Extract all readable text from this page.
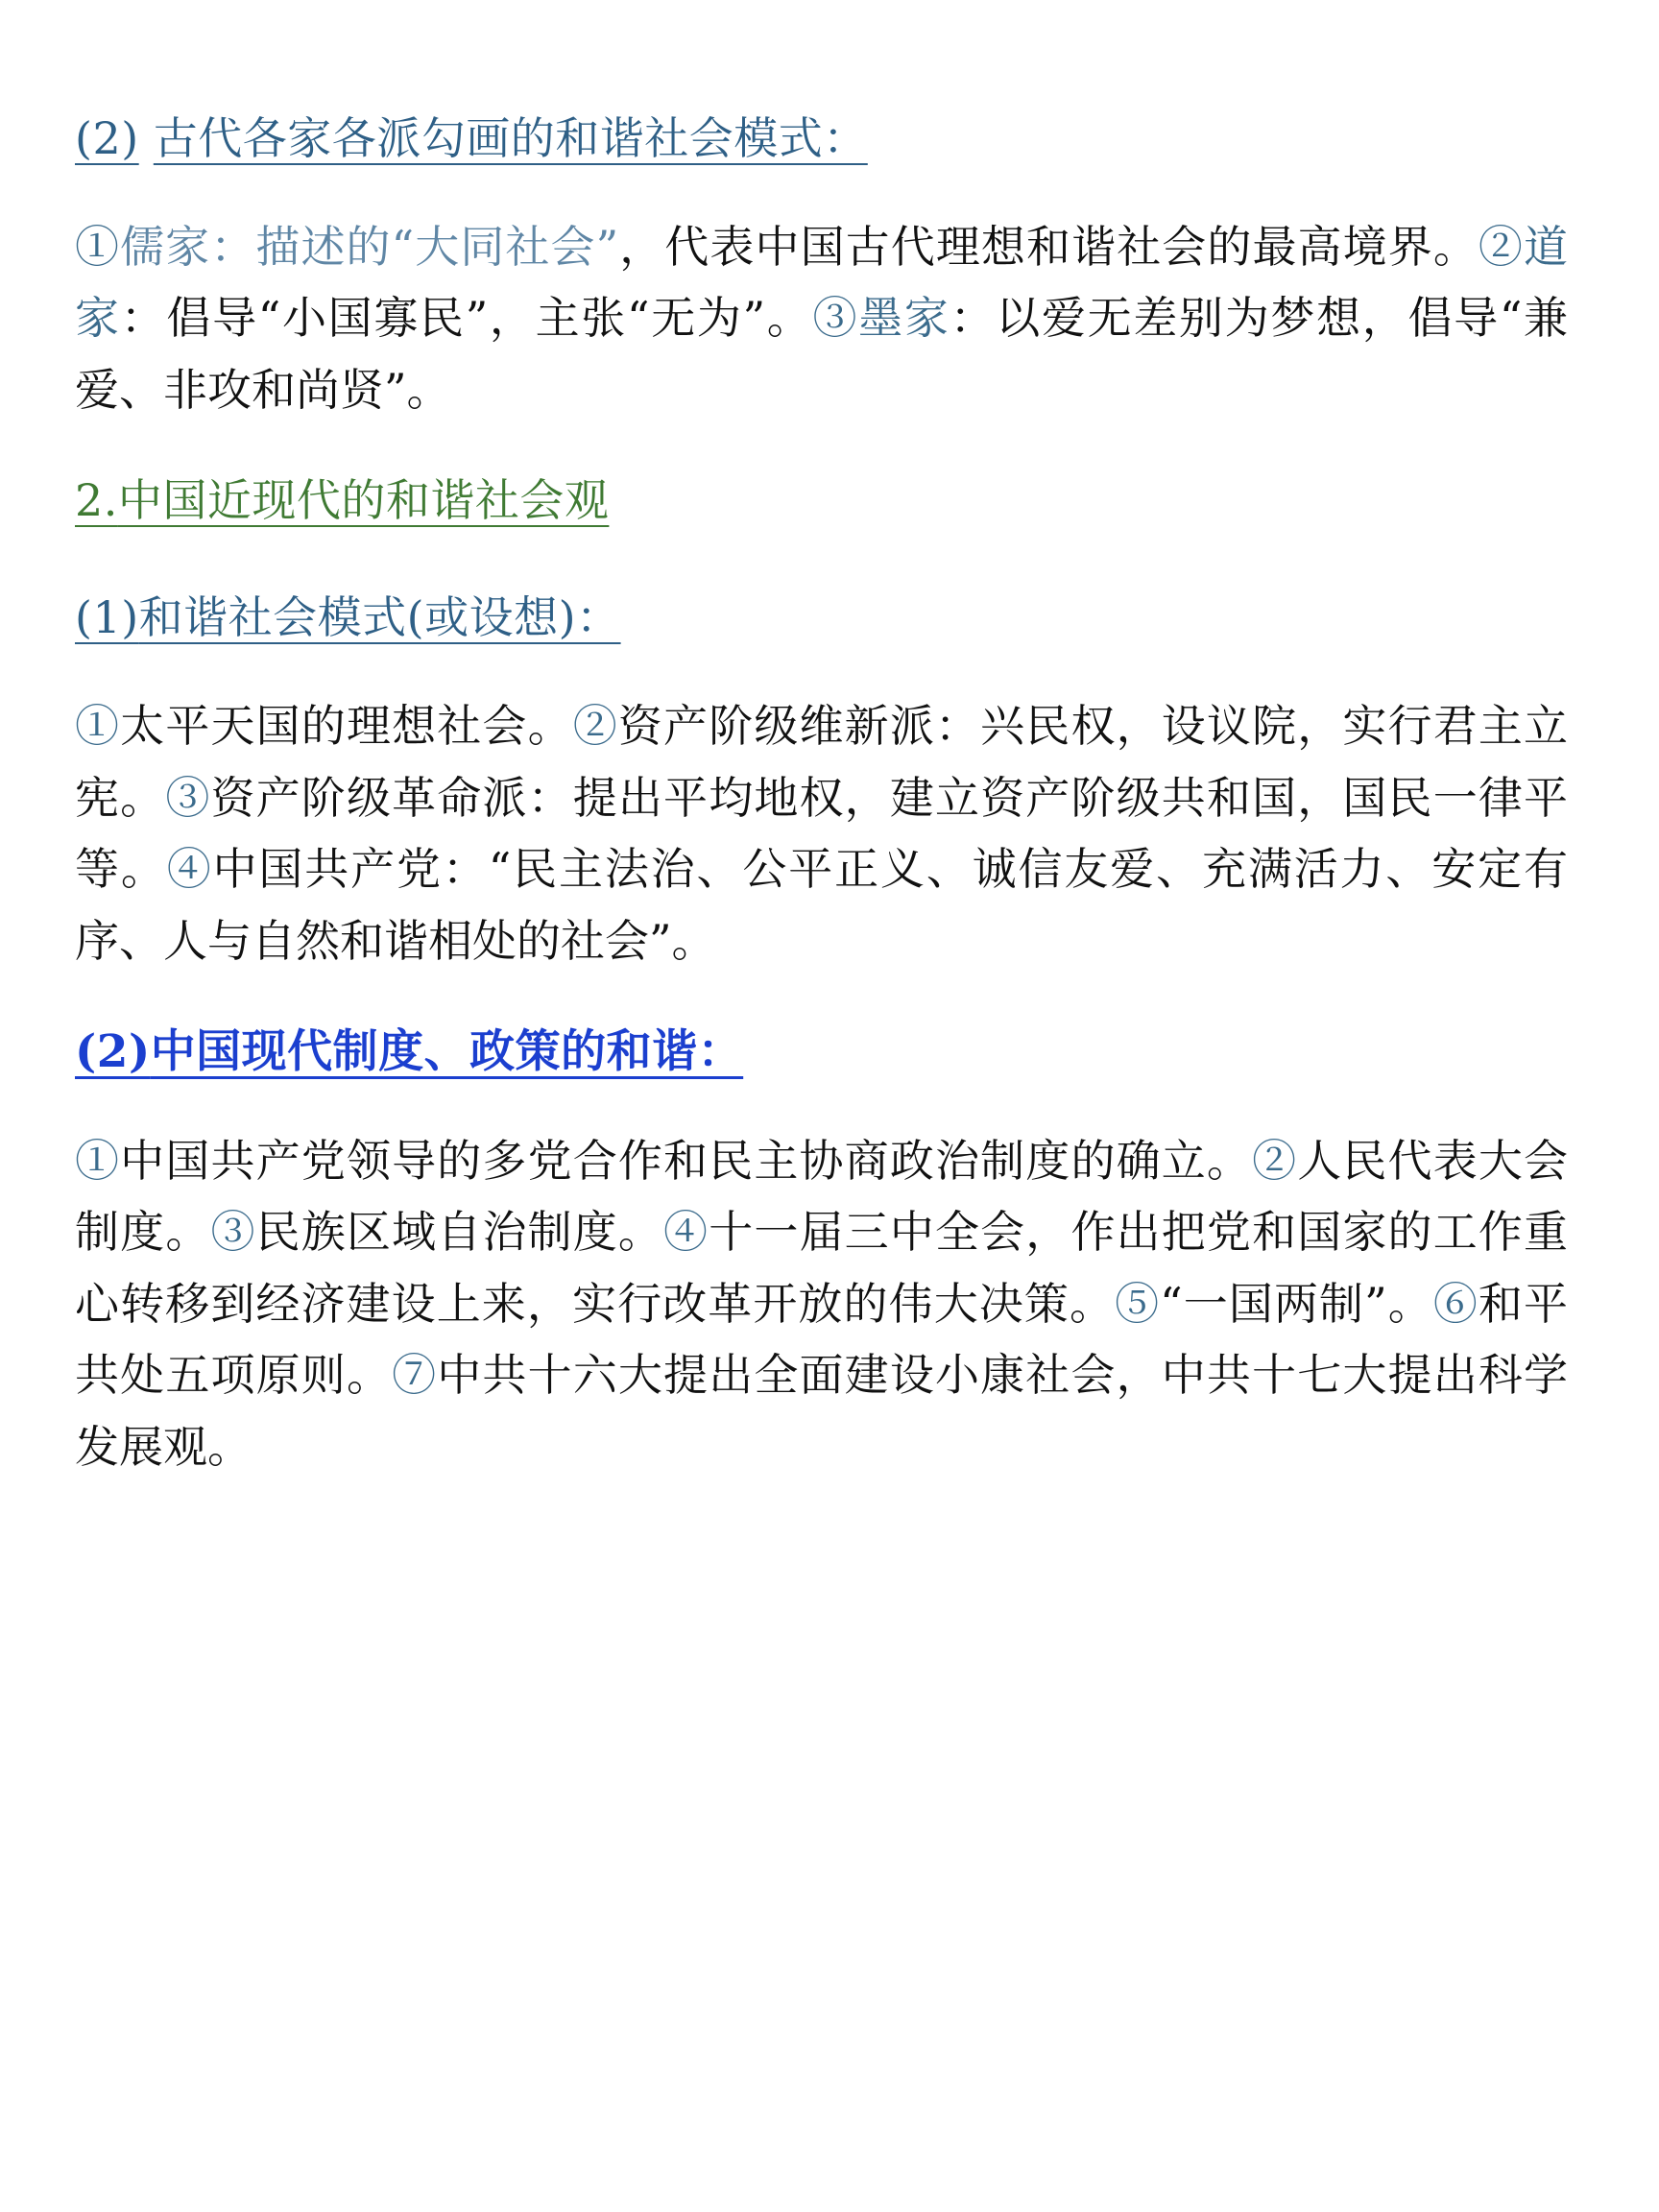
(2) 古代各家各派勾画的和谐社会模式：

①儒家：描述的“大同社会”，代表中国古代理想和谐社会的最高境界。②道家：倡导“小国寡民”，主张“无为”。③墨家：以爱无差别为梦想，倡导“兼爱、非攻和尚贤”。

2.中国近现代的和谐社会观
(1)和谐社会模式(或设想)：

①太平天国的理想社会。②资产阶级维新派：兴民权，设议院，实行君主立宪。③资产阶级革命派：提出平均地权，建立资产阶级共和国，国民一律平等。④中国共产党：“民主法治、公平正义、诚信友爱、充满活力、安定有序、人与自然和谐相处的社会”。

(2)中国现代制度、政策的和谐：

①中国共产党领导的多党合作和民主协商政治制度的确立。②人民代表大会制度。③民族区域自治制度。④十一届三中全会，作出把党和国家的工作重心转移到经济建设上来，实行改革开放的伟大决策。⑤“一国两制”。⑥和平共处五项原则。⑦中共十六大提出全面建设小康社会，中共十七大提出科学发展观。
